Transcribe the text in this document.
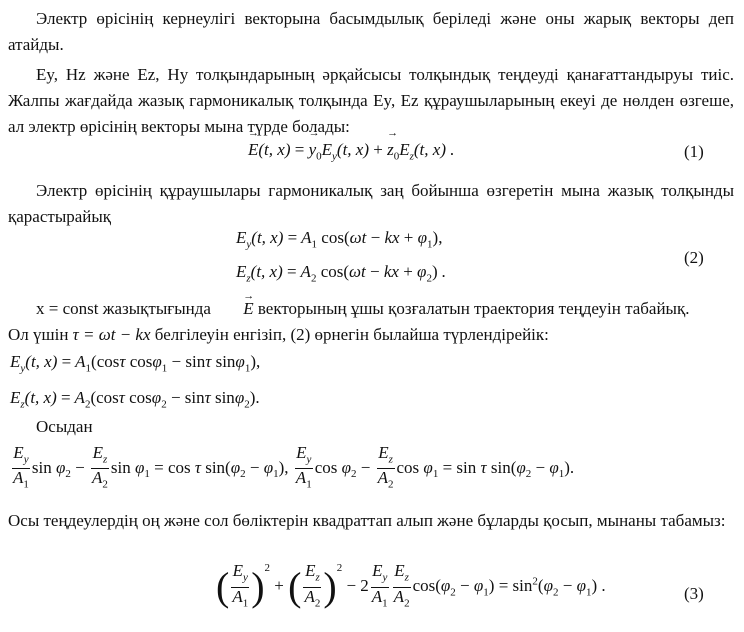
Электр өрісінің кернеулігі векторына басымдылық беріледі және оны жарық векторы деп атайды.
Ey, Hz және Ez, Hy толқындарының әрқайсысы толқындық теңдеуді қанағаттандыруы тиіс. Жалпы жағдайда жазық гармоникалық толқында Ey, Ez құраушыларының екеуі де нөлден өзгеше, ал электр өрісінің векторы мына түрде болады:
→ E(t, x) = → $y_0E_y(t$, x) + → $z_0E_z(t$, x) .	(1)
Электр өрісінің құраушылары гармоникалық заң бойынша өзгеретін мына жазық толқынды қарастырайық
$E_y(t$, $x) = A_1$ cos(ωt − kx + $\varphi_1$),
$E_z(t$, $x) = A_2$ cos(ωt − kx + $\varphi_2$) .
(2)
x = const жазықтығында → E векторының ұшы қозғалатын траектория теңдеуін табайық.
Ол үшін τ = ωt − kx белгілеуін енгізіп, (2) өрнегін былайша түрлендірейік:
$E_y(t$, $x) = A_1(\cos\tau$ cosφ$_1$ − sinτ sinφ$_1$),
$E_z(t$, $x) = A_2(\cos\tau$ cosφ$_2$ − sinτ sinφ$_2$).
Осыдан
$\frac{E_y}{A_1}$ $\sin \varphi_2 - \frac{E_z}{A_2}$ $\sin \varphi_1 = \cos \tau$ $\sin(\varphi_2 - \varphi_1)$, $\frac{E_y}{A_1}$ $\cos \varphi_2 - \frac{E_z}{A_2}$ $\cos \varphi_1 = \sin \tau$ $\sin(\varphi_2 - \varphi_1)$.
Осы теңдеулердің оң және сол бөліктерін квадраттап алып және бұларды қосып, мынаны табамыз:
( $\frac{E_y}{A_1} )^2$ + ( $\frac{E_z}{A_2} )^2 - 2 \frac{E_y}{A_1} \frac{E_z}{A_2} \cos(\varphi_2 - \varphi_1) = \sin^2(\varphi_2 - \varphi_1)$ .	(3)
